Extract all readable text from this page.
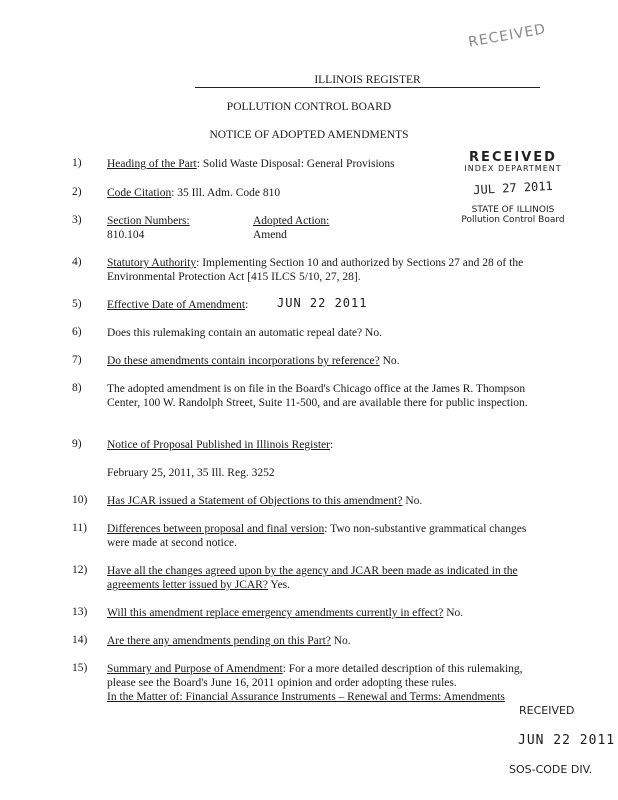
RECEIVED
ILLINOIS REGISTER
POLLUTION CONTROL BOARD
NOTICE OF ADOPTED AMENDMENTS
RECEIVED
INDEX DEPARTMENT
JUL 27 2011
STATE OF ILLINOIS
Pollution Control Board
1) Heading of the Part: Solid Waste Disposal: General Provisions
2) Code Citation: 35 Ill. Adm. Code 810
3) Section Numbers:
810.104
Adopted Action:
Amend
4) Statutory Authority: Implementing Section 10 and authorized by Sections 27 and 28 of the Environmental Protection Act [415 ILCS 5/10, 27, 28].
5) Effective Date of Amendment:	JUN 22 2011
6) Does this rulemaking contain an automatic repeal date? No.
7) Do these amendments contain incorporations by reference? No.
8) The adopted amendment is on file in the Board's Chicago office at the James R. Thompson Center, 100 W. Randolph Street, Suite 11-500, and are available there for public inspection.
9) Notice of Proposal Published in Illinois Register:
February 25, 2011, 35 Ill. Reg. 3252
10) Has JCAR issued a Statement of Objections to this amendment? No.
11) Differences between proposal and final version: Two non-substantive grammatical changes were made at second notice.
12) Have all the changes agreed upon by the agency and JCAR been made as indicated in the agreements letter issued by JCAR? Yes.
13) Will this amendment replace emergency amendments currently in effect? No.
14) Are there any amendments pending on this Part? No.
15) Summary and Purpose of Amendment: For a more detailed description of this rulemaking, please see the Board's June 16, 2011 opinion and order adopting these rules.
In the Matter of: Financial Assurance Instruments – Renewal and Terms: Amendments
RECEIVED
JUN 22 2011
SOS-CODE DIV.
